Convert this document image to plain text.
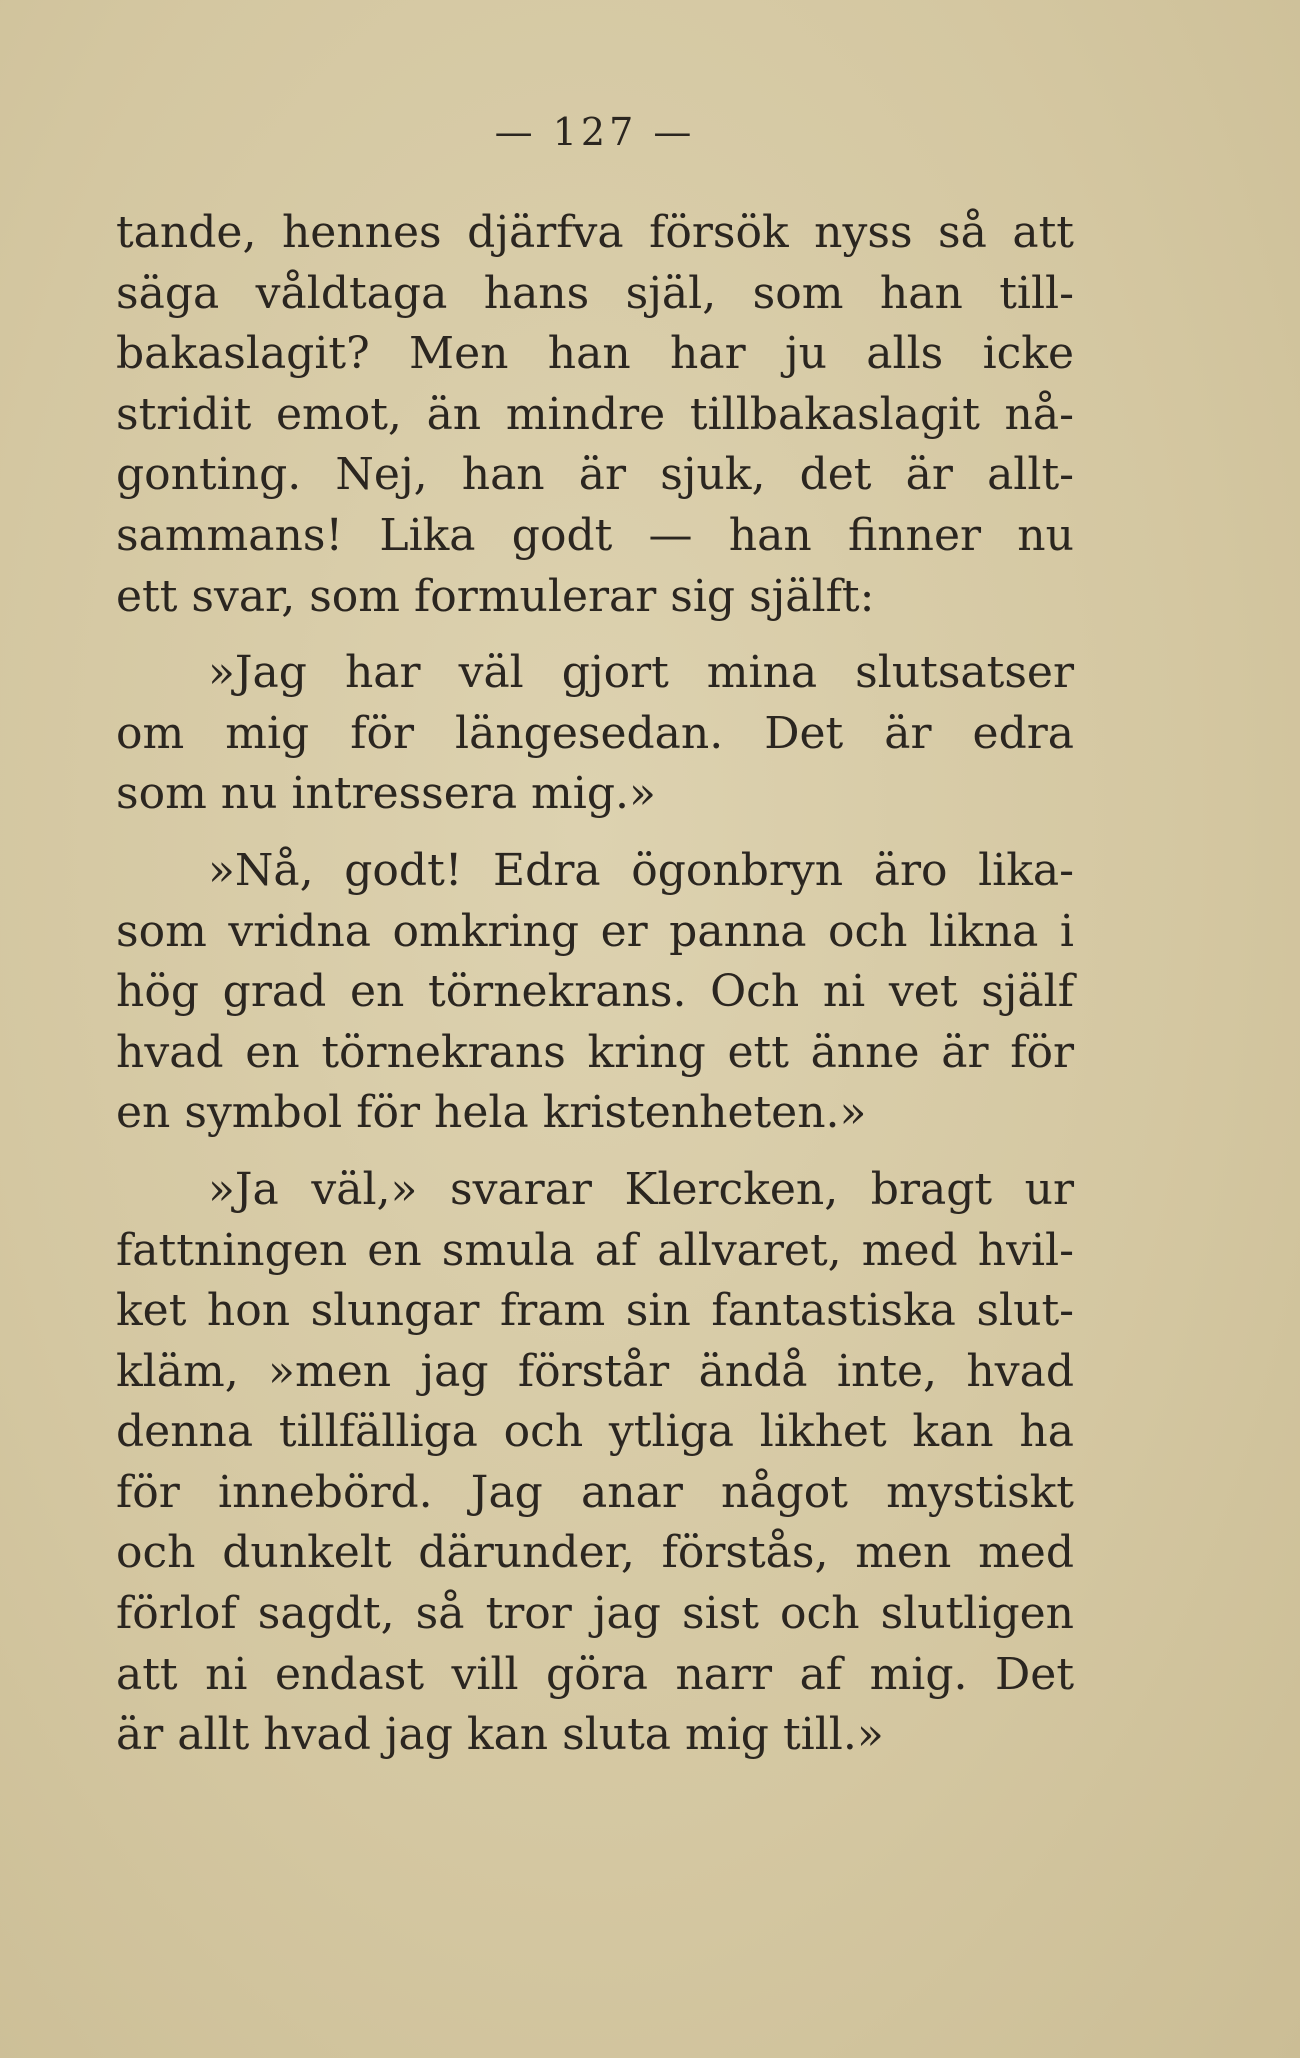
— 127 —
tande, hennes djärfva försök nyss så att
säga våldtaga hans själ, som han till-
bakaslagit? Men han har ju alls icke
stridit emot, än mindre tillbakaslagit nå-
gonting. Nej, han är sjuk, det är allt-
sammans! Lika godt — han finner nu
ett svar, som formulerar sig själft:
»Jag har väl gjort mina slutsatser
om mig för längesedan. Det är edra
som nu intressera mig.»
»Nå, godt! Edra ögonbryn äro lika-
som vridna omkring er panna och likna i
hög grad en törnekrans. Och ni vet själf
hvad en törnekrans kring ett änne är för
en symbol för hela kristenheten.»
»Ja väl,» svarar Klercken, bragt ur
fattningen en smula af allvaret, med hvil-
ket hon slungar fram sin fantastiska slut-
kläm, »men jag förstår ändå inte, hvad
denna tillfälliga och ytliga likhet kan ha
för innebörd. Jag anar något mystiskt
och dunkelt därunder, förstås, men med
förlof sagdt, så tror jag sist och slutligen
att ni endast vill göra narr af mig. Det
är allt hvad jag kan sluta mig till.»
